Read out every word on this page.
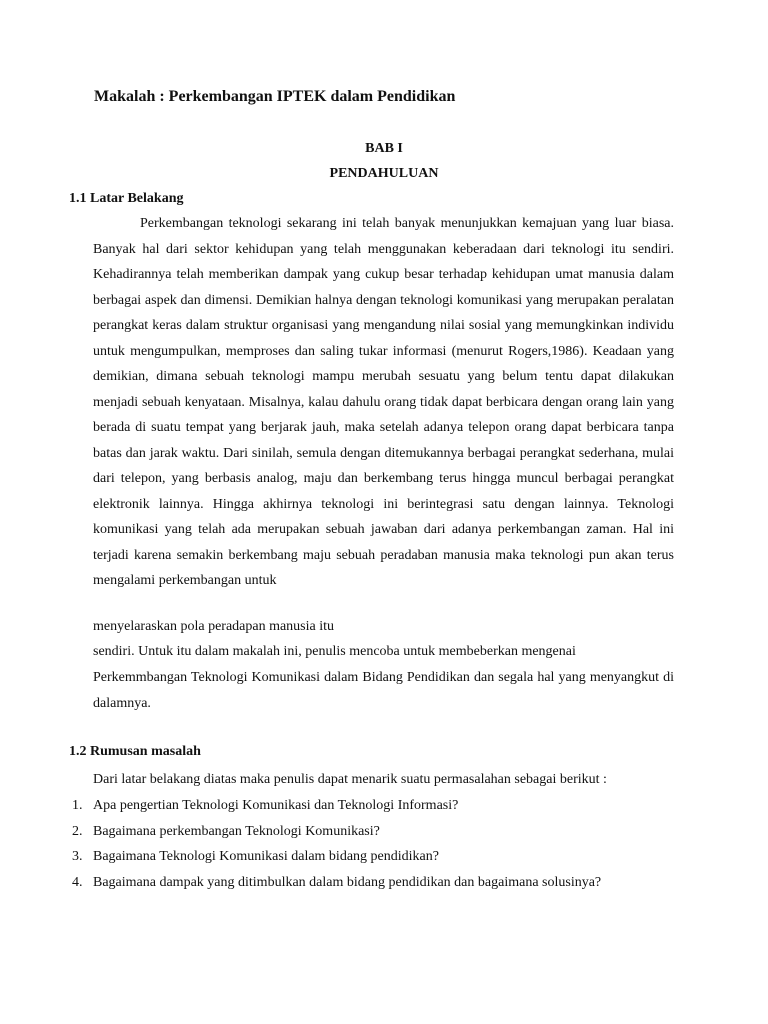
Makalah : Perkembangan IPTEK dalam Pendidikan
BAB I
PENDAHULUAN
1.1 Latar Belakang

Perkembangan teknologi sekarang ini telah banyak menunjukkan kemajuan yang luar biasa. Banyak hal dari sektor kehidupan yang telah menggunakan keberadaan dari teknologi itu sendiri. Kehadirannya telah memberikan dampak yang cukup besar terhadap kehidupan umat manusia dalam berbagai aspek dan dimensi. Demikian halnya dengan teknologi komunikasi yang merupakan peralatan perangkat keras dalam struktur organisasi yang mengandung nilai sosial yang memungkinkan individu untuk mengumpulkan, memproses dan saling tukar informasi (menurut Rogers,1986). Keadaan yang demikian, dimana sebuah teknologi mampu merubah sesuatu yang belum tentu dapat dilakukan menjadi sebuah kenyataan. Misalnya, kalau dahulu orang tidak dapat berbicara dengan orang lain yang berada di suatu tempat yang berjarak jauh, maka setelah adanya telepon orang dapat berbicara tanpa batas dan jarak waktu. Dari sinilah, semula dengan ditemukannya berbagai perangkat sederhana, mulai dari telepon, yang berbasis analog, maju dan berkembang terus hingga muncul berbagai perangkat elektronik lainnya. Hingga akhirnya teknologi ini berintegrasi satu dengan lainnya. Teknologi komunikasi yang telah ada merupakan sebuah jawaban dari adanya perkembangan zaman. Hal ini terjadi karena semakin berkembang maju sebuah peradaban manusia maka teknologi pun akan terus mengalami perkembangan untuk

menyelaraskan pola peradapan manusia itu
sendiri. Untuk itu dalam makalah ini, penulis mencoba untuk membeberkan mengenai

Perkemmbangan Teknologi Komunikasi dalam Bidang Pendidikan dan segala hal yang menyangkut di dalamnya.

1.2 Rumusan masalah
Dari latar belakang diatas maka penulis dapat menarik suatu permasalahan sebagai berikut :
1. Apa pengertian Teknologi Komunikasi dan Teknologi Informasi?
2. Bagaimana perkembangan Teknologi Komunikasi?
3. Bagaimana Teknologi Komunikasi dalam bidang pendidikan?
4. Bagaimana dampak yang ditimbulkan dalam bidang pendidikan dan bagaimana solusinya?
